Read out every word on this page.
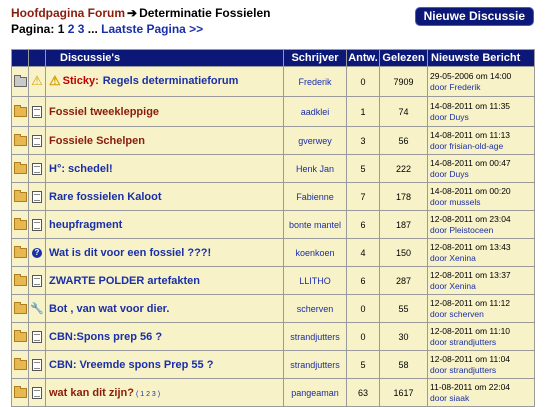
Hoofdpagina Forum ➔ Determinatie Fossielen
Pagina: 1 2 3 ... Laatste Pagina >>
Nieuwe Discussie
		Discussie's	Schrijver	Antw.	Gelezen	Nieuwste Bericht
	⚠	⚠ Sticky: Regels determinatieforum	Frederik	0	7909	29-05-2006 om 14:00
door Frederik

		Fossiel tweekleppige	aadklei	1	74	14-08-2011 om 11:35
door Duys

		Fossiele Schelpen	gverwey	3	56	14-08-2011 om 11:13
door frisian-old-age

		H°: schedel!	Henk Jan	5	222	14-08-2011 om 00:47
door Duys

		Rare fossielen Kaloot	Fabienne	7	178	14-08-2011 om 00:20
door mussels

		heupfragment	bonte mantel	6	187	12-08-2011 om 23:04
door Pleistoceen

	?	Wat is dit voor een fossiel ???!	koenkoen	4	150	12-08-2011 om 13:43
door Xenina

		ZWARTE POLDER artefakten	LLITHO	6	287	12-08-2011 om 13:37
door Xenina

	🔧	Bot , van wat voor dier.	scherven	0	55	12-08-2011 om 11:12
door scherven

		CBN:Spons prep 56 ?	strandjutters	0	30	12-08-2011 om 11:10
door strandjutters

		CBN: Vreemde spons Prep 55 ?	strandjutters	5	58	12-08-2011 om 11:04
door strandjutters

		wat kan dit zijn? ( 1 2 3 )	pangeaman	63	1617	11-08-2011 om 22:04
door siaak
